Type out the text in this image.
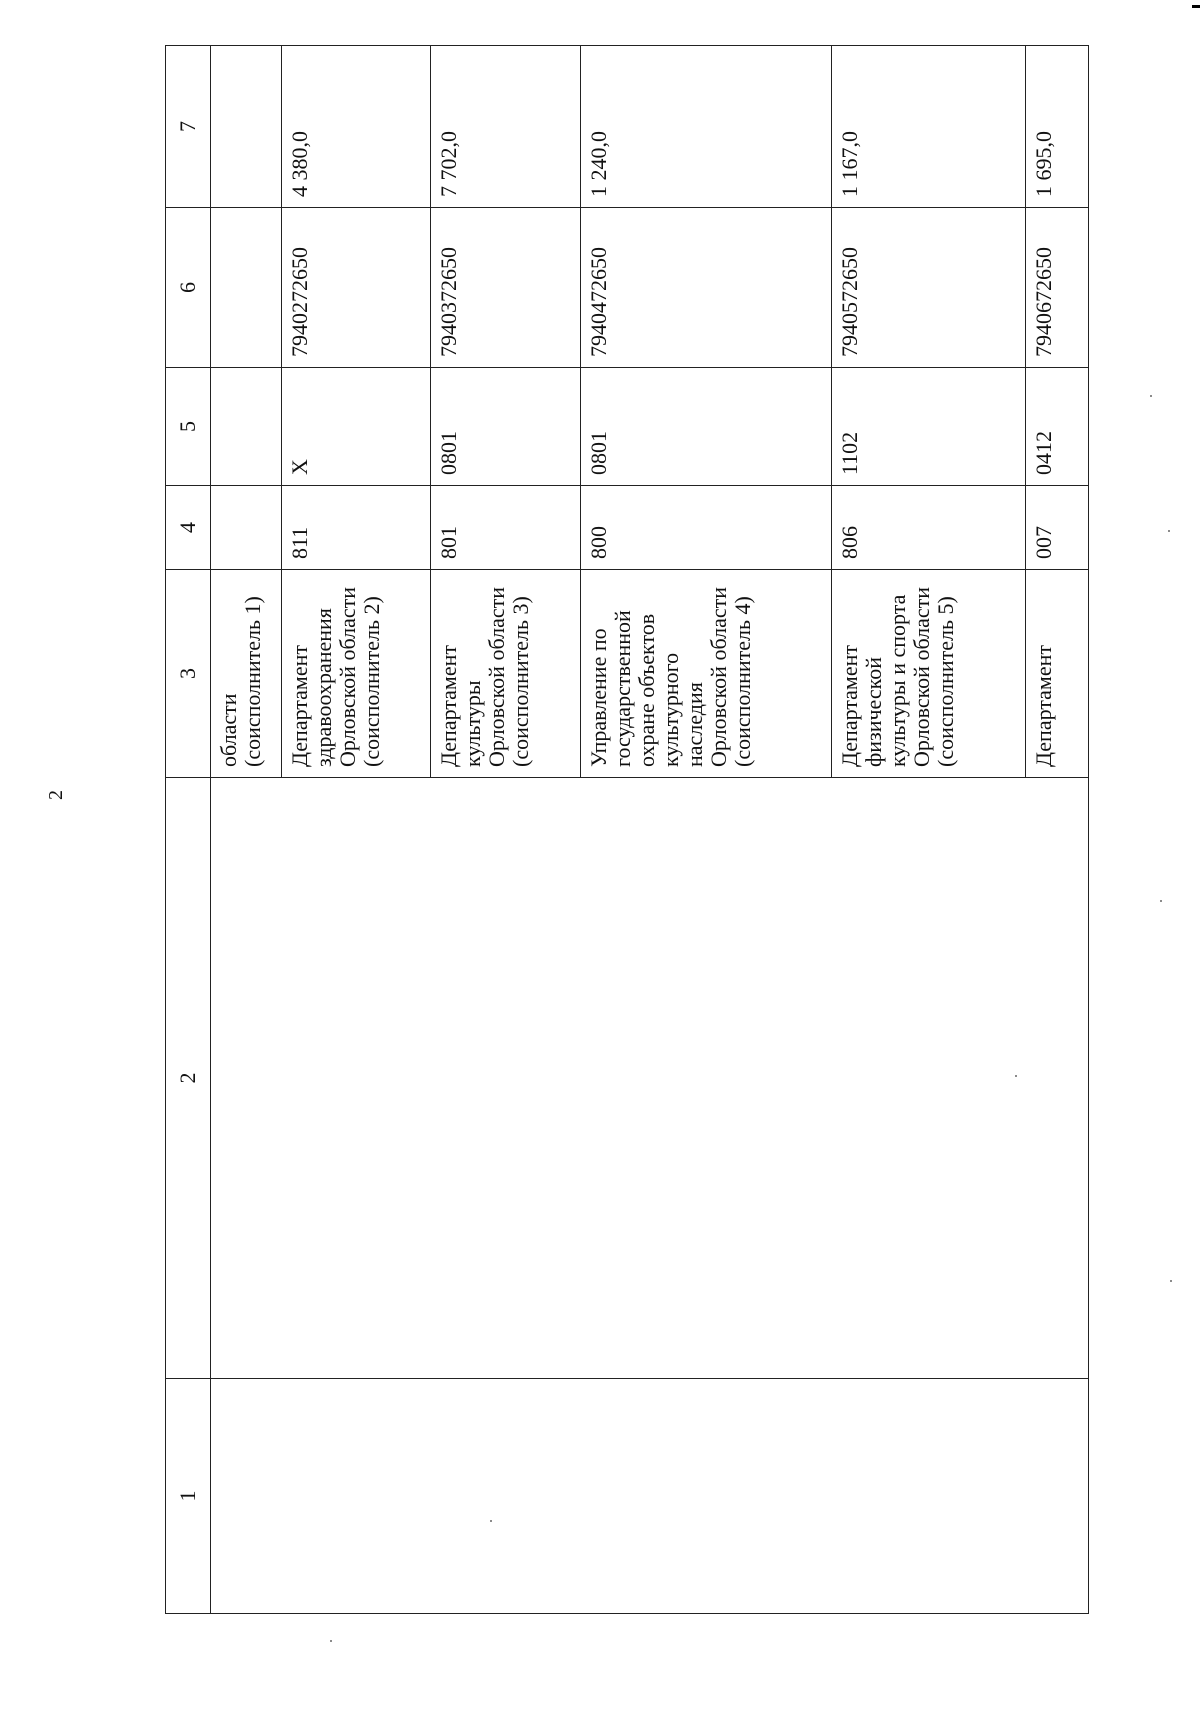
2
1	2	3	4	5	6	7
		области (соисполнитель 1)				
		Департамент здравоохранения Орловской области (соисполнитель 2)	811	X	7940272650	4 380,0
		Департамент культуры Орловской области (соисполнитель 3)	801	0801	7940372650	7 702,0
		Управление по государственной охране объектов культурного наследия Орловской области (соисполнитель 4)	800	0801	7940472650	1 240,0
		Департамент физической культуры и спорта Орловской области (соисполнитель 5)	806	1102	7940572650	1 167,0
		Департамент	007	0412	7940672650	1 695,0
